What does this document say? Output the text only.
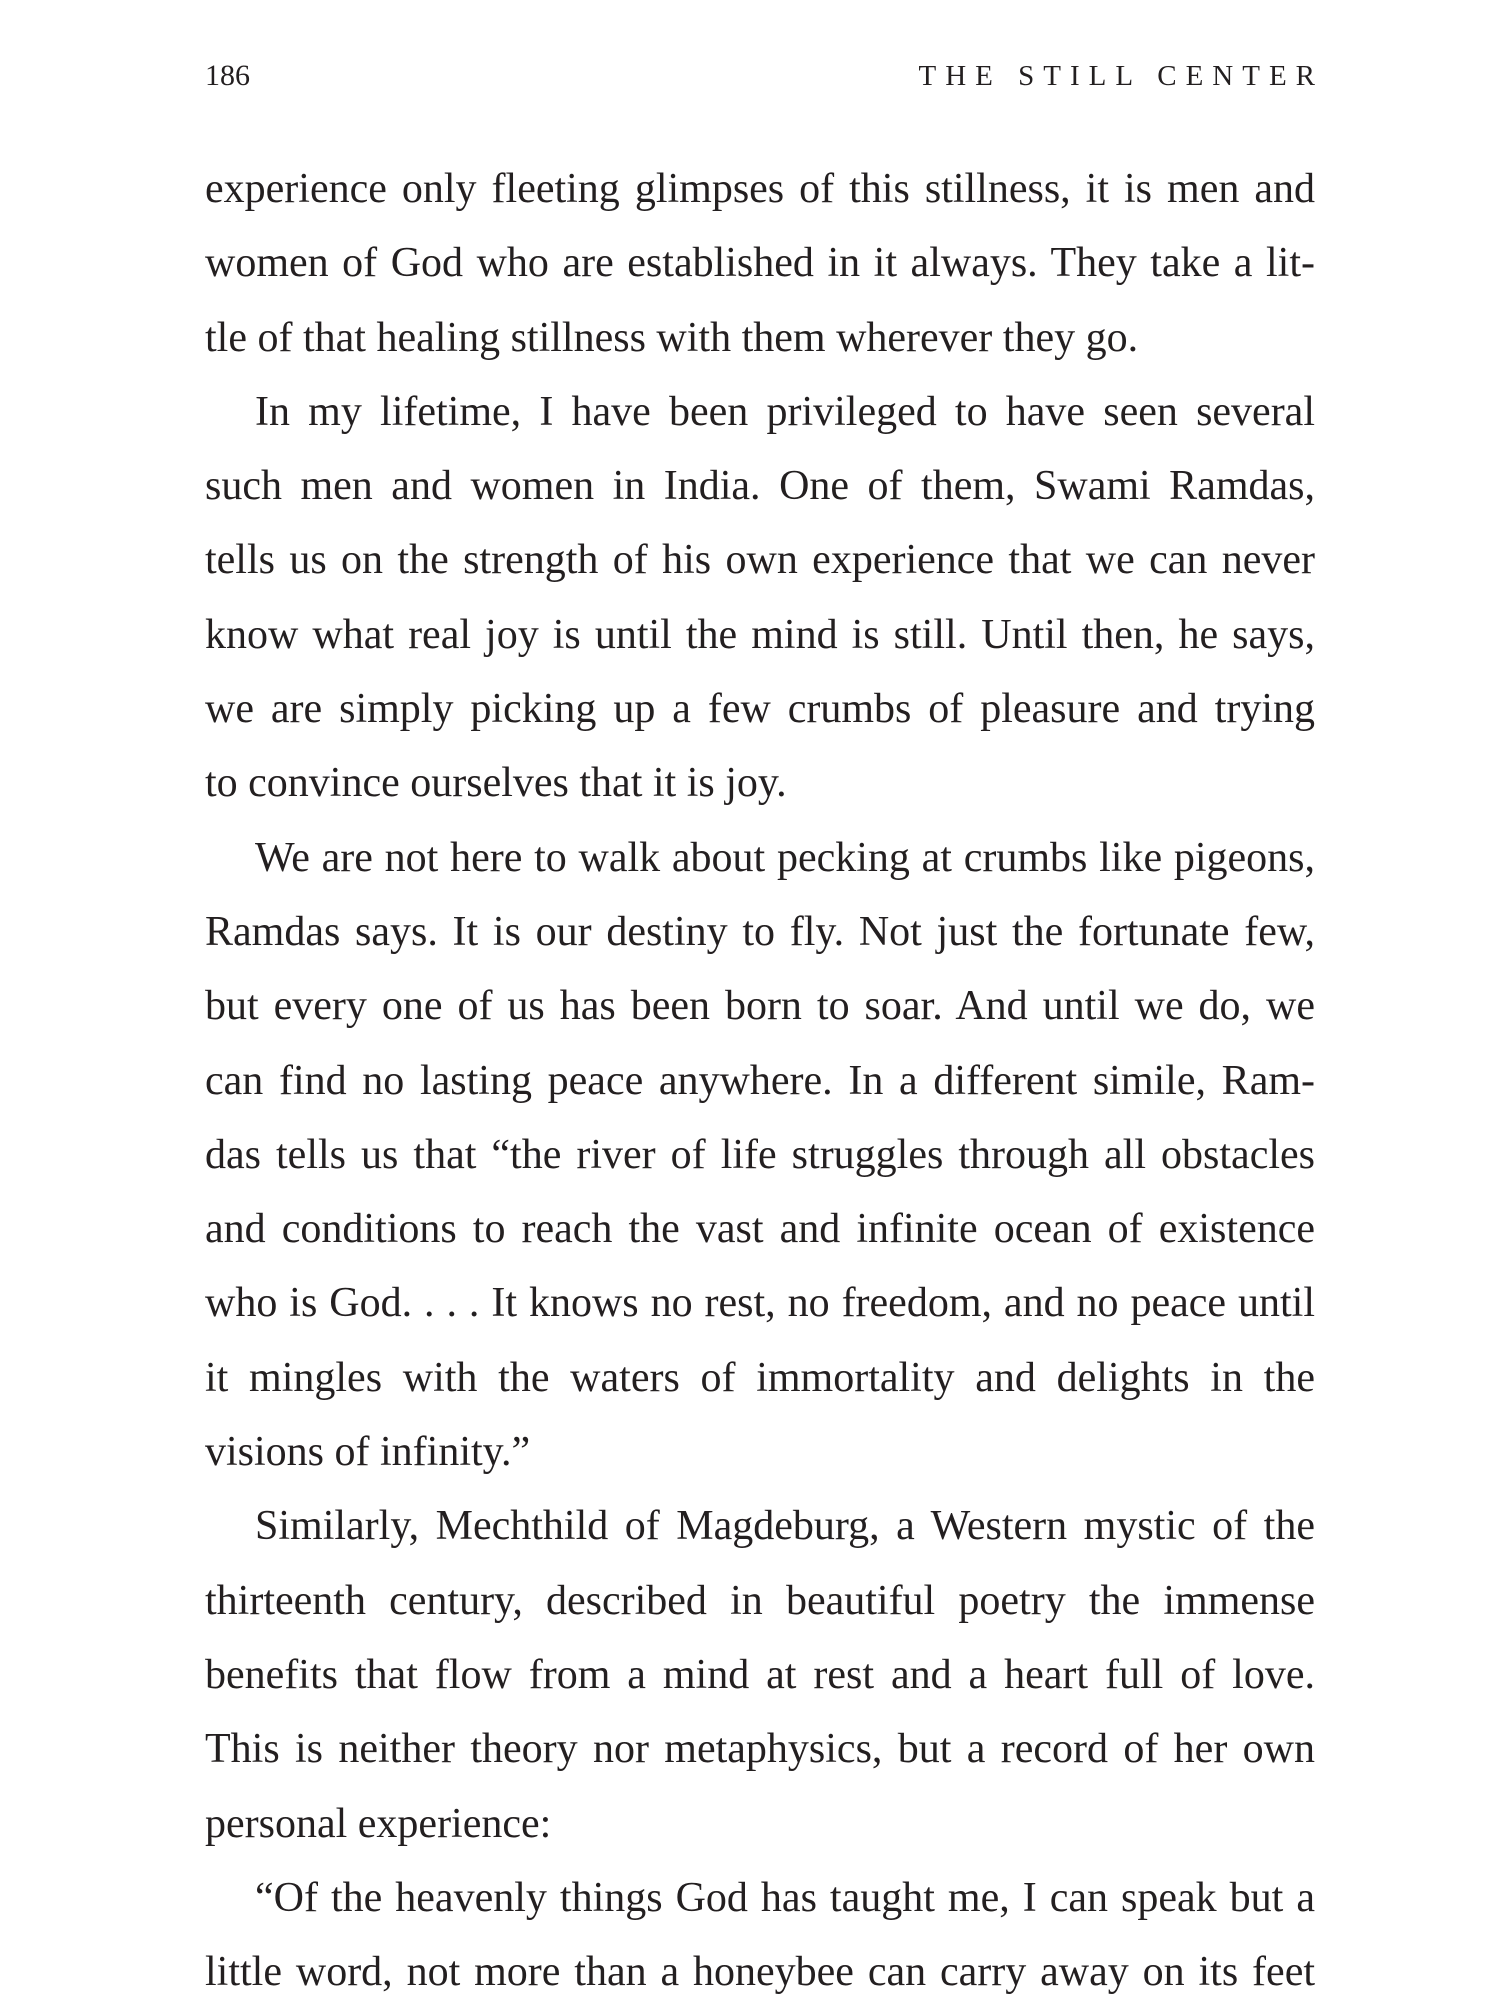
186	THE STILL CENTER
experience only fleeting glimpses of this stillness, it is men and
women of God who are established in it always. They take a lit-
tle of that healing stillness with them wherever they go.
In my lifetime, I have been privileged to have seen several
such men and women in India. One of them, Swami Ramdas,
tells us on the strength of his own experience that we can never
know what real joy is until the mind is still. Until then, he says,
we are simply picking up a few crumbs of pleasure and trying
to convince ourselves that it is joy.
We are not here to walk about pecking at crumbs like pigeons,
Ramdas says. It is our destiny to fly. Not just the fortunate few,
but every one of us has been born to soar. And until we do, we
can find no lasting peace anywhere. In a different simile, Ram-
das tells us that “the river of life struggles through all obstacles
and conditions to reach the vast and infinite ocean of existence
who is God. . . . It knows no rest, no freedom, and no peace until
it mingles with the waters of immortality and delights in the
visions of infinity.”
Similarly, Mechthild of Magdeburg, a Western mystic of the
thirteenth century, described in beautiful poetry the immense
benefits that flow from a mind at rest and a heart full of love.
This is neither theory nor metaphysics, but a record of her own
personal experience:
“Of the heavenly things God has taught me, I can speak but a
little word, not more than a honeybee can carry away on its feet
